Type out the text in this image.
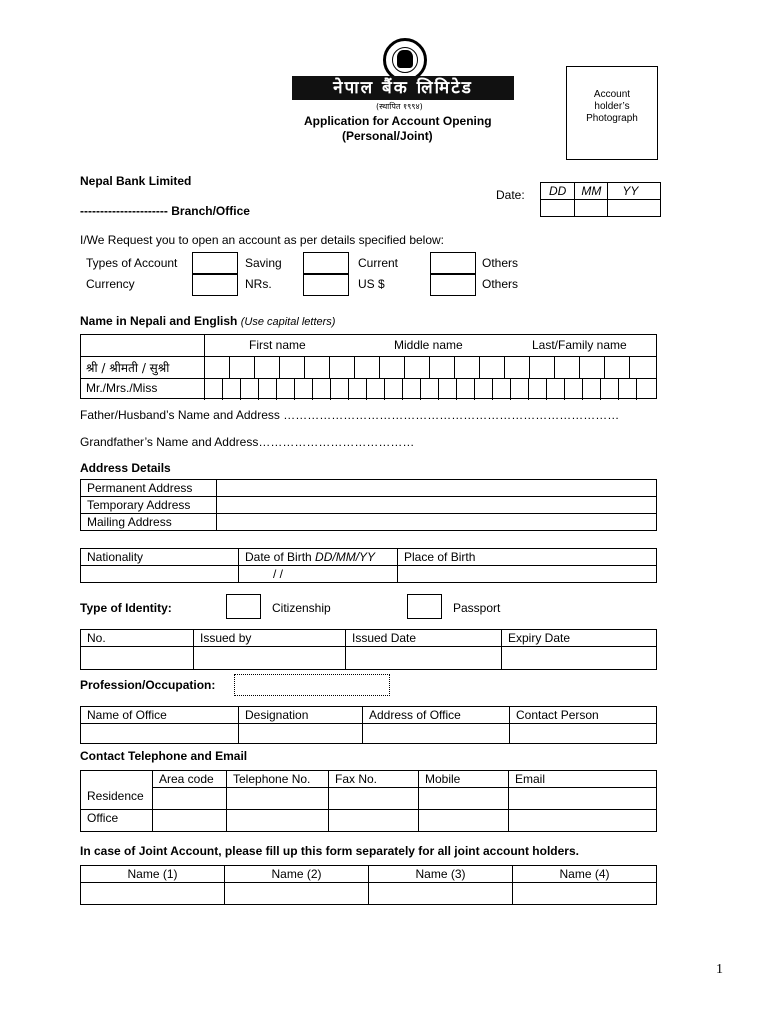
नेपाल बैंक लिमिटेड
(स्थापित १९९४)
Application for Account Opening
(Personal/Joint)
Account holder’s Photograph
Nepal Bank Limited
---------------------- Branch/Office
Date: DD	MM	YY

I/We Request you to open an account as per details specified below:
Types of Account	Saving	Current	Others
Currency	NRs.	US $	Others
Name in Nepali and English (Use capital letters)
First name	Middle name	Last/Family name
श्री / श्रीमती / सुश्री
Mr./Mrs./Miss
Father/Husband’s Name and Address …………………………………………………………………………
Grandfather’s Name and Address…………………………………
Address Details
Permanent Address	
Temporary Address	
Mailing Address	
Nationality	Date of Birth DD/MM/YY	Place of Birth
	/ /	
Type of Identity:	Citizenship	Passport
No.	Issued by	Issued Date	Expiry Date

Profession/Occupation:
Name of Office	Designation	Address of Office	Contact Person

Contact Telephone and Email
	Area code	Telephone No.	Fax No.	Mobile	Email
Residence					
Office					
In case of Joint Account, please fill up this form separately for all joint account holders.
Name (1)	Name (2)	Name (3)	Name (4)

1
